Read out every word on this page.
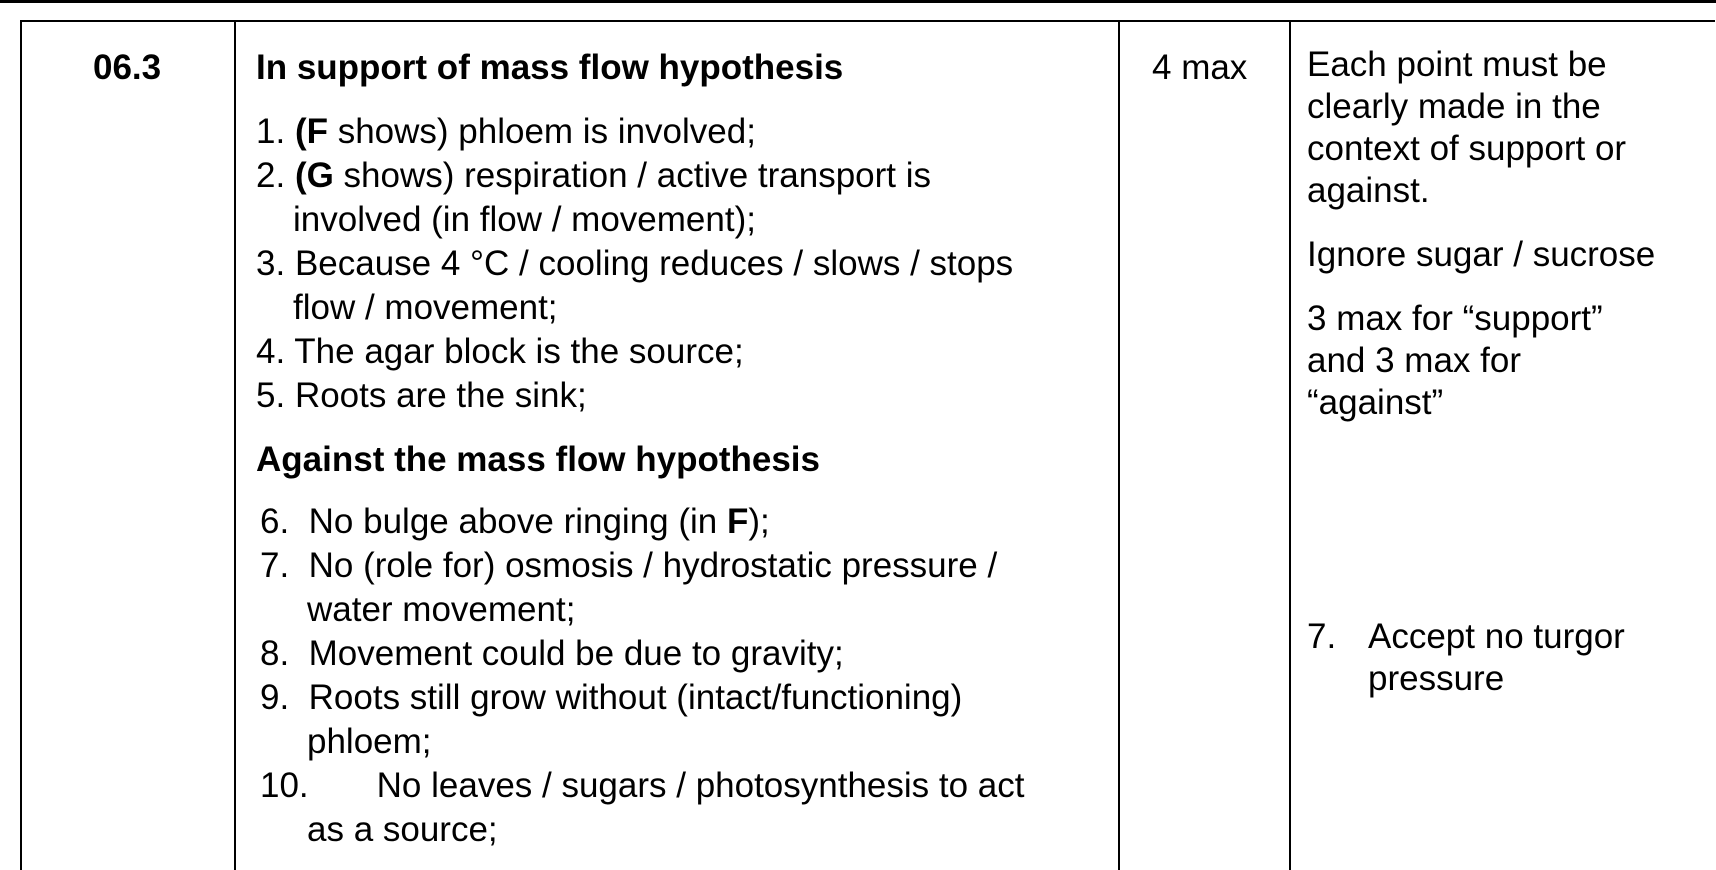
06.3	In support of mass flow hypothesis
1. (F shows) phloem is involved;
2. (G shows) respiration / active transport is
involved (in flow / movement);
3. Because 4 °C / cooling reduces / slows / stops
flow / movement;
4. The agar block is the source;
5. Roots are the sink;
Against the mass flow hypothesis
6. No bulge above ringing (in F);
7. No (role for) osmosis / hydrostatic pressure /
water movement;
8. Movement could be due to gravity;
9. Roots still grow without (intact/functioning)
phloem;
10. No leaves / sugars / photosynthesis to act
as a source;
4 max Each point must be
clearly made in the
context of support or
against.
Ignore sugar / sucrose
3 max for “support”
and 3 max for
“against”
7. Accept no turgor
pressure
